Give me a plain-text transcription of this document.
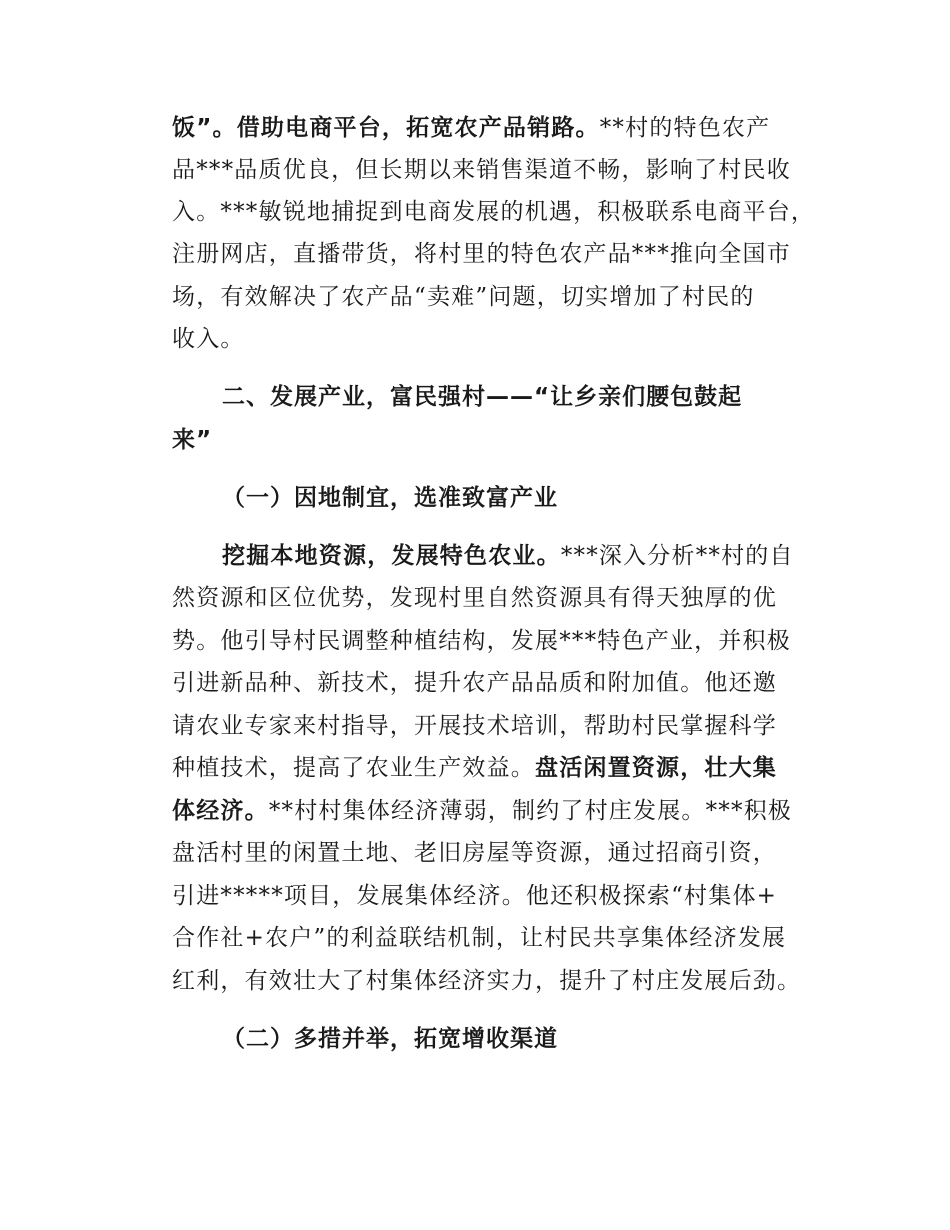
饭”。借助电商平台，拓宽农产品销路。**村的特色农产
品***品质优良，但长期以来销售渠道不畅，影响了村民收
入。***敏锐地捕捉到电商发展的机遇，积极联系电商平台，
注册网店，直播带货，将村里的特色农产品***推向全国市
场，有效解决了农产品“卖难”问题，切实增加了村民的
收入。
二、发展产业，富民强村——“让乡亲们腰包鼓起
来”
（一）因地制宜，选准致富产业
挖掘本地资源，发展特色农业。***深入分析**村的自
然资源和区位优势，发现村里自然资源具有得天独厚的优
势。他引导村民调整种植结构，发展***特色产业，并积极
引进新品种、新技术，提升农产品品质和附加值。他还邀
请农业专家来村指导，开展技术培训，帮助村民掌握科学
种植技术，提高了农业生产效益。盘活闲置资源，壮大集
体经济。**村村集体经济薄弱，制约了村庄发展。***积极
盘活村里的闲置土地、老旧房屋等资源，通过招商引资，
引进*****项目，发展集体经济。他还积极探索“村集体+
合作社+农户”的利益联结机制，让村民共享集体经济发展
红利，有效壮大了村集体经济实力，提升了村庄发展后劲。
（二）多措并举，拓宽增收渠道
